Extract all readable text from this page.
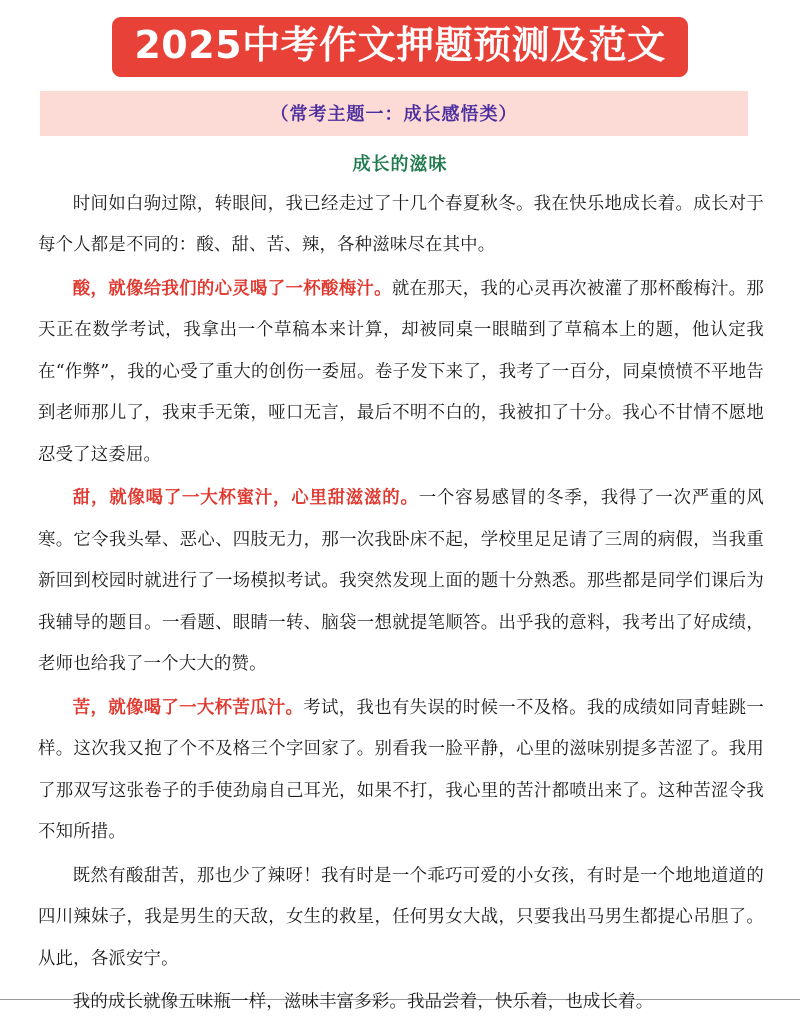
2025中考作文押题预测及范文
（常考主题一：成长感悟类）
成长的滋味

时间如白驹过隙，转眼间，我已经走过了十几个春夏秋冬。我在快乐地成长着。成长对于每个人都是不同的：酸、甜、苦、辣，各种滋味尽在其中。

酸，就像给我们的心灵喝了一杯酸梅汁。就在那天，我的心灵再次被灌了那杯酸梅汁。那天正在数学考试，我拿出一个草稿本来计算，却被同桌一眼瞄到了草稿本上的题，他认定我在“作弊”，我的心受了重大的创伤一委屈。卷子发下来了，我考了一百分，同桌愤愤不平地告到老师那儿了，我束手无策，哑口无言，最后不明不白的，我被扣了十分。我心不甘情不愿地忍受了这委屈。

甜，就像喝了一大杯蜜汁，心里甜滋滋的。一个容易感冒的冬季，我得了一次严重的风寒。它令我头晕、恶心、四肢无力，那一次我卧床不起，学校里足足请了三周的病假，当我重新回到校园时就进行了一场模拟考试。我突然发现上面的题十分熟悉。那些都是同学们课后为我辅导的题目。一看题、眼睛一转、脑袋一想就提笔顺答。出乎我的意料，我考出了好成绩，老师也给我了一个大大的赞。

苦，就像喝了一大杯苦瓜汁。考试，我也有失误的时候一不及格。我的成绩如同青蛙跳一样。这次我又抱了个不及格三个字回家了。别看我一脸平静，心里的滋味别提多苦涩了。我用了那双写这张卷子的手使劲扇自己耳光，如果不打，我心里的苦汁都喷出来了。这种苦涩令我不知所措。

既然有酸甜苦，那也少了辣呀！我有时是一个乖巧可爱的小女孩，有时是一个地地道道的四川辣妹子，我是男生的天敌，女生的救星，任何男女大战，只要我出马男生都提心吊胆了。从此，各派安宁。

我的成长就像五味瓶一样，滋味丰富多彩。我品尝着，快乐着，也成长着。
